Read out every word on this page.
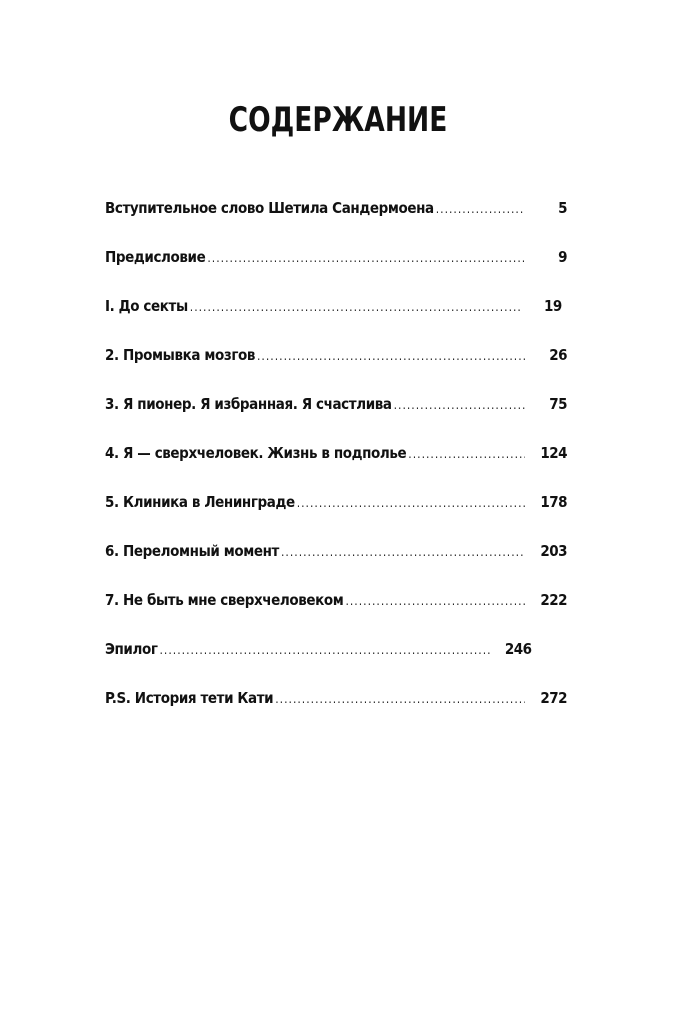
СОДЕРЖАНИЕ
Вступительное слово Шетила Сандермоена .....	5
Предисловие .....	9
I. До секты .....	19
2. Промывка мозгов .....	26
3. Я пионер. Я избранная. Я счастлива .....	75
4. Я — сверхчеловек. Жизнь в подполье .....	124
5. Клиника в Ленинграде .....	178
6. Переломный момент .....	203
7. Не быть мне сверхчеловеком .....	222
Эпилог .....	246
P.S. История тети Кати .....	272
